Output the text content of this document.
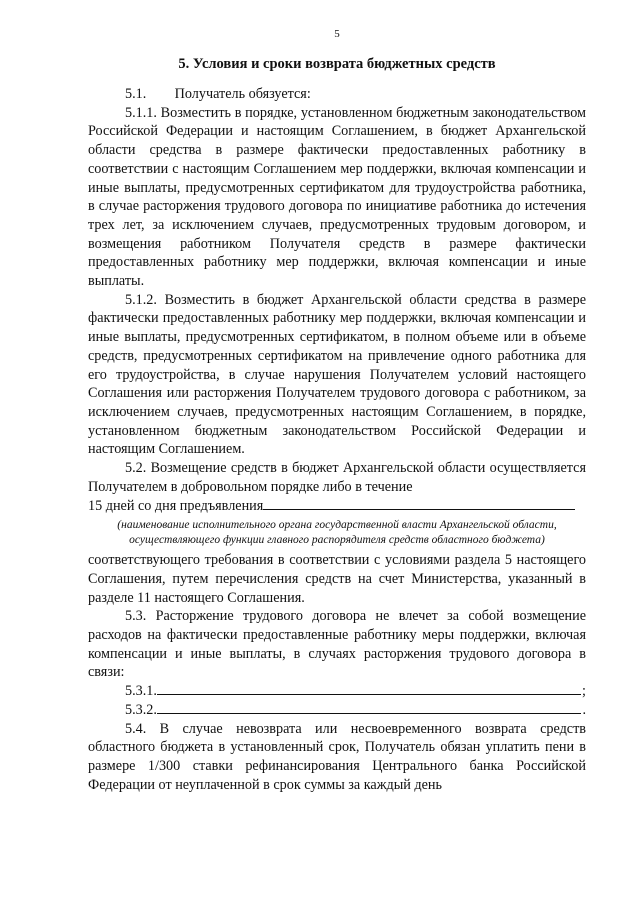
5
5. Условия и сроки возврата бюджетных средств

5.1.        Получатель обязуется:

5.1.1. Возместить в порядке, установленном бюджетным законодательством Российской Федерации и настоящим Соглашением, в бюджет Архангельской области средства в размере фактически предоставленных работнику в соответствии с настоящим Соглашением мер поддержки, включая компенсации и иные выплаты, предусмотренных сертификатом для трудоустройства работника, в случае расторжения трудового договора по инициативе работника до истечения трех лет, за исключением случаев, предусмотренных трудовым договором, и возмещения работником Получателя средств в размере фактически предоставленных работнику мер поддержки, включая компенсации и иные выплаты.

5.1.2. Возместить в бюджет Архангельской области средства в размере фактически предоставленных работнику мер поддержки, включая компенсации и иные выплаты, предусмотренных сертификатом, в полном объеме или в объеме средств, предусмотренных сертификатом на привлечение одного работника для его трудоустройства, в случае нарушения Получателем условий настоящего Соглашения или расторжения Получателем трудового договора с работником, за исключением случаев, предусмотренных настоящим Соглашением, в порядке, установленном бюджетным законодательством Российской Федерации и настоящим Соглашением.

5.2. Возмещение средств в бюджет Архангельской области осуществляется Получателем в добровольном порядке либо в течение

15 дней со дня предъявления
(наименование исполнительного органа государственной власти Архангельской области, осуществляющего функции главного распорядителя средств областного бюджета)

соответствующего требования в соответствии с условиями раздела 5 настоящего Соглашения, путем перечисления средств на счет Министерства, указанный в разделе 11 настоящего Соглашения.

5.3. Расторжение трудового договора не влечет за собой возмещение расходов на фактически предоставленные работнику меры поддержки, включая компенсации и иные выплаты, в случаях расторжения трудового договора в связи:

5.3.1.	;
5.3.2.	.

5.4. В случае невозврата или несвоевременного возврата средств областного бюджета в установленный срок, Получатель обязан уплатить пени в размере 1/300 ставки рефинансирования Центрального банка Российской Федерации от неуплаченной в срок суммы за каждый день
